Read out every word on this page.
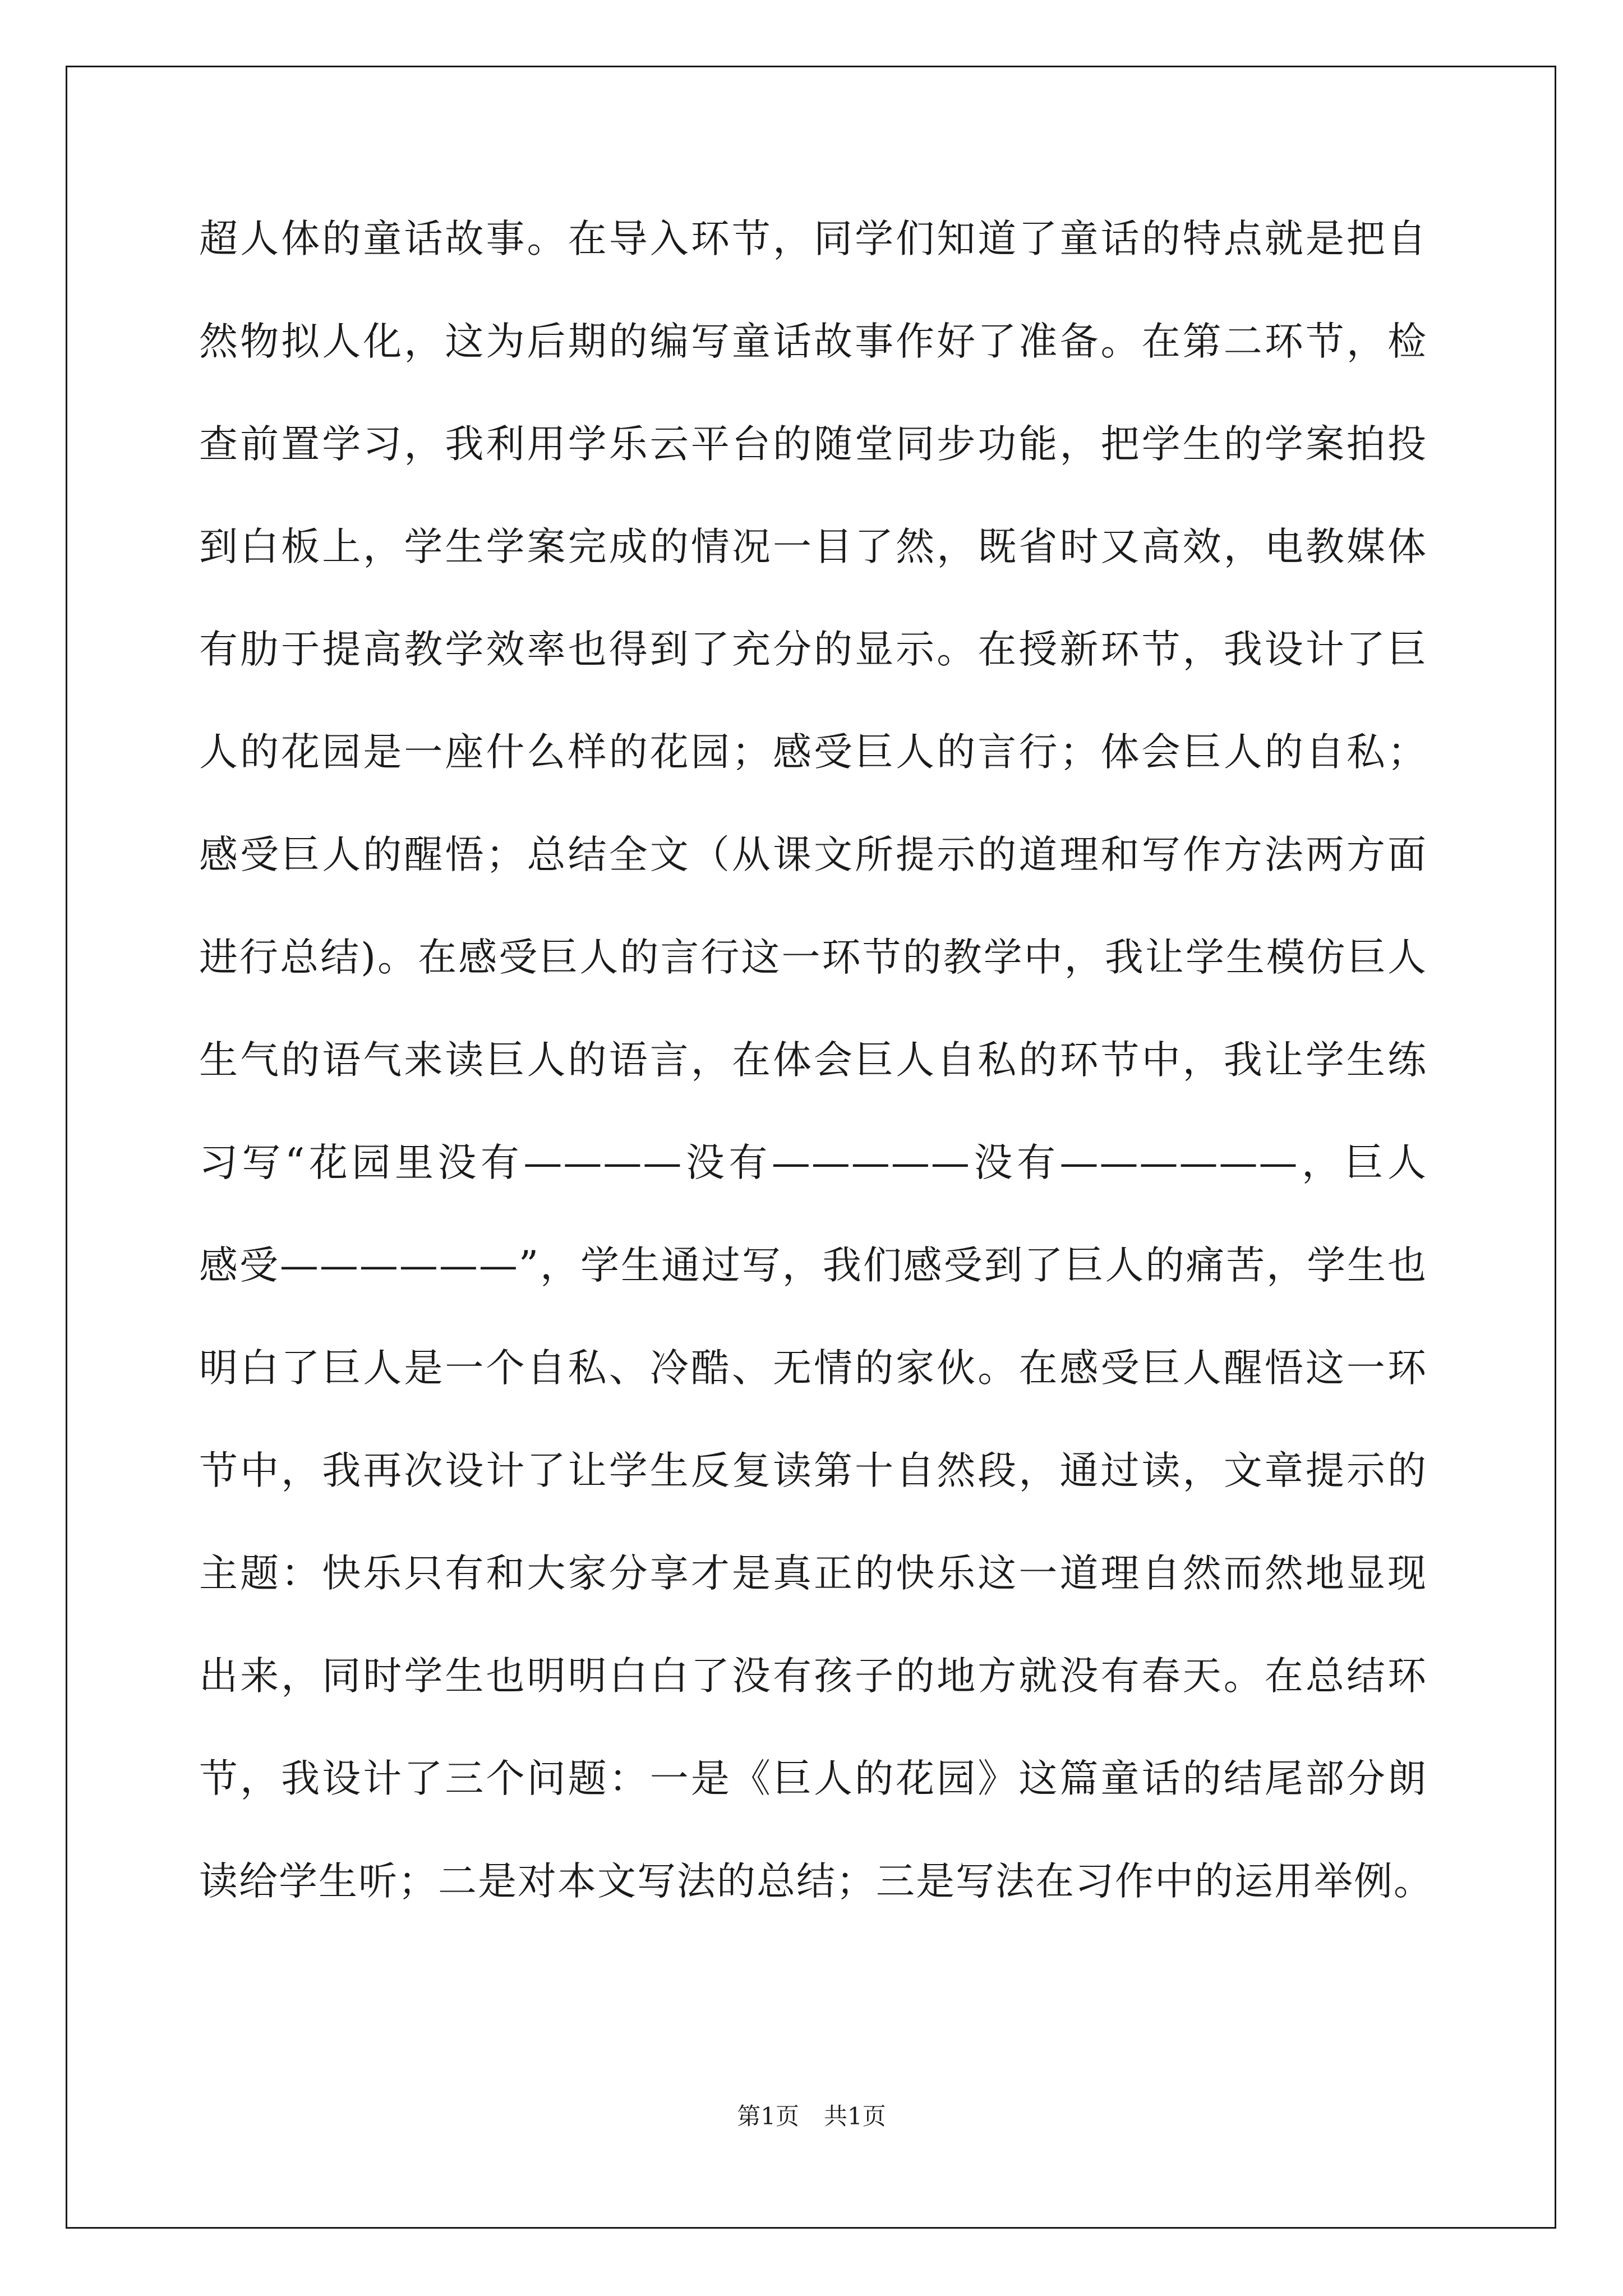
超人体的童话故事。在导入环节，同学们知道了童话的特点就是把自
然物拟人化，这为后期的编写童话故事作好了准备。在第二环节，检
查前置学习，我利用学乐云平台的随堂同步功能，把学生的学案拍投
到白板上，学生学案完成的情况一目了然，既省时又高效，电教媒体
有肋于提高教学效率也得到了充分的显示。在授新环节，我设计了巨
人的花园是一座什么样的花园；感受巨人的言行；体会巨人的自私；
感受巨人的醒悟；总结全文（从课文所提示的道理和写作方法两方面
进行总结)。在感受巨人的言行这一环节的教学中，我让学生模仿巨人
生气的语气来读巨人的语言，在体会巨人自私的环节中，我让学生练
习写“花园里没有————没有—————没有——————，巨人
感受——————”，学生通过写，我们感受到了巨人的痛苦，学生也
明白了巨人是一个自私、冷酷、无情的家伙。在感受巨人醒悟这一环
节中，我再次设计了让学生反复读第十自然段，通过读，文章提示的
主题：快乐只有和大家分享才是真正的快乐这一道理自然而然地显现
出来，同时学生也明明白白了没有孩子的地方就没有春天。在总结环
节，我设计了三个问题：一是《巨人的花园》这篇童话的结尾部分朗
读给学生听；二是对本文写法的总结；三是写法在习作中的运用举例。
第1页 共1页
